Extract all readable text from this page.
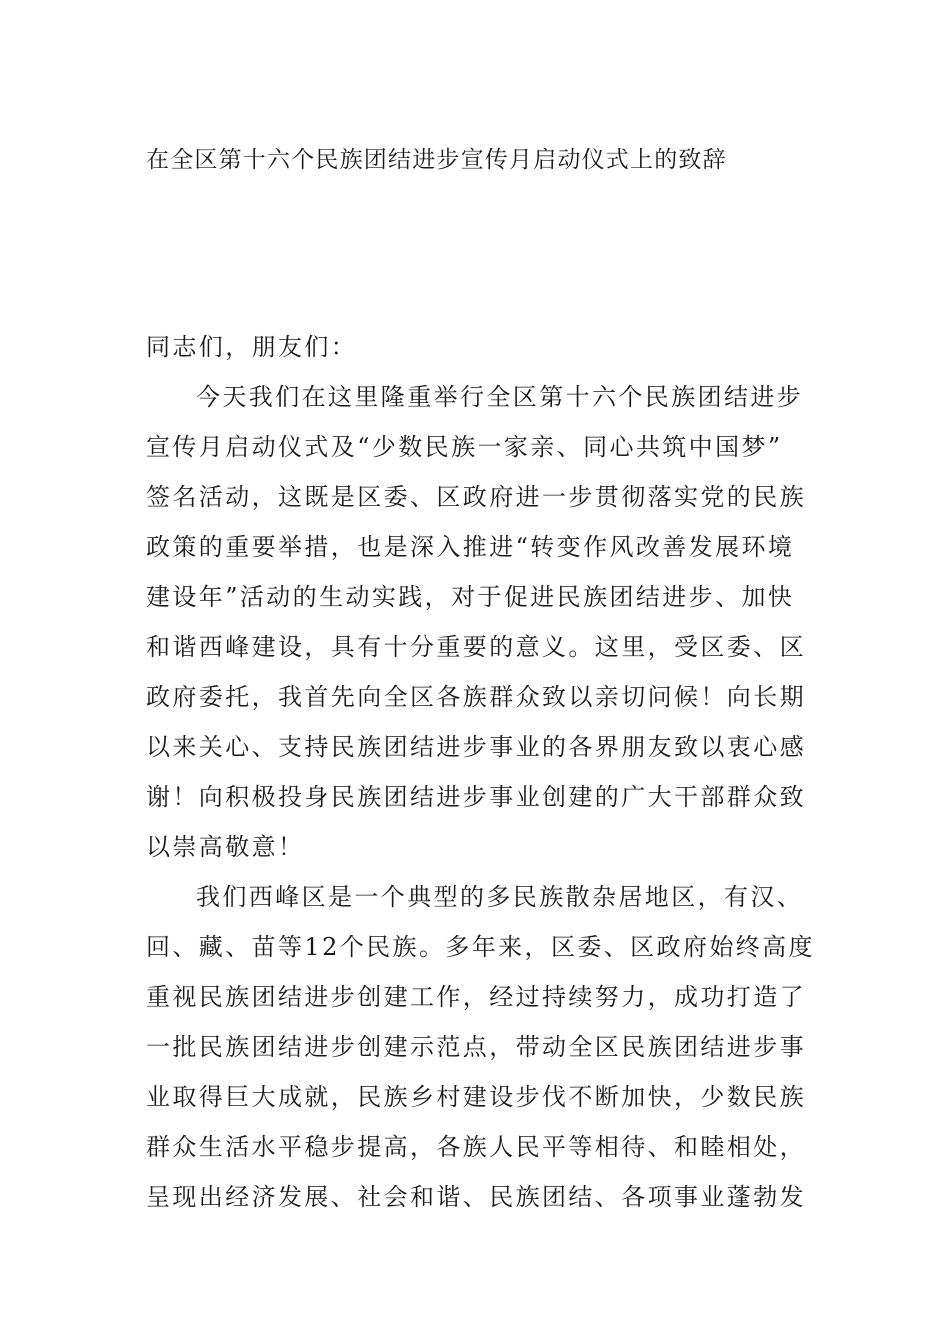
在全区第十六个民族团结进步宣传月启动仪式上的致辞
同志们，朋友们：
今天我们在这里隆重举行全区第十六个民族团结进步
宣传月启动仪式及“少数民族一家亲、同心共筑中国梦”
签名活动，这既是区委、区政府进一步贯彻落实党的民族
政策的重要举措，也是深入推进“转变作风改善发展环境
建设年”活动的生动实践，对于促进民族团结进步、加快
和谐西峰建设，具有十分重要的意义。这里，受区委、区
政府委托，我首先向全区各族群众致以亲切问候！向长期
以来关心、支持民族团结进步事业的各界朋友致以衷心感
谢！向积极投身民族团结进步事业创建的广大干部群众致
以崇高敬意！
我们西峰区是一个典型的多民族散杂居地区，有汉、
回、藏、苗等12个民族。多年来，区委、区政府始终高度
重视民族团结进步创建工作，经过持续努力，成功打造了
一批民族团结进步创建示范点，带动全区民族团结进步事
业取得巨大成就，民族乡村建设步伐不断加快，少数民族
群众生活水平稳步提高，各族人民平等相待、和睦相处，
呈现出经济发展、社会和谐、民族团结、各项事业蓬勃发
